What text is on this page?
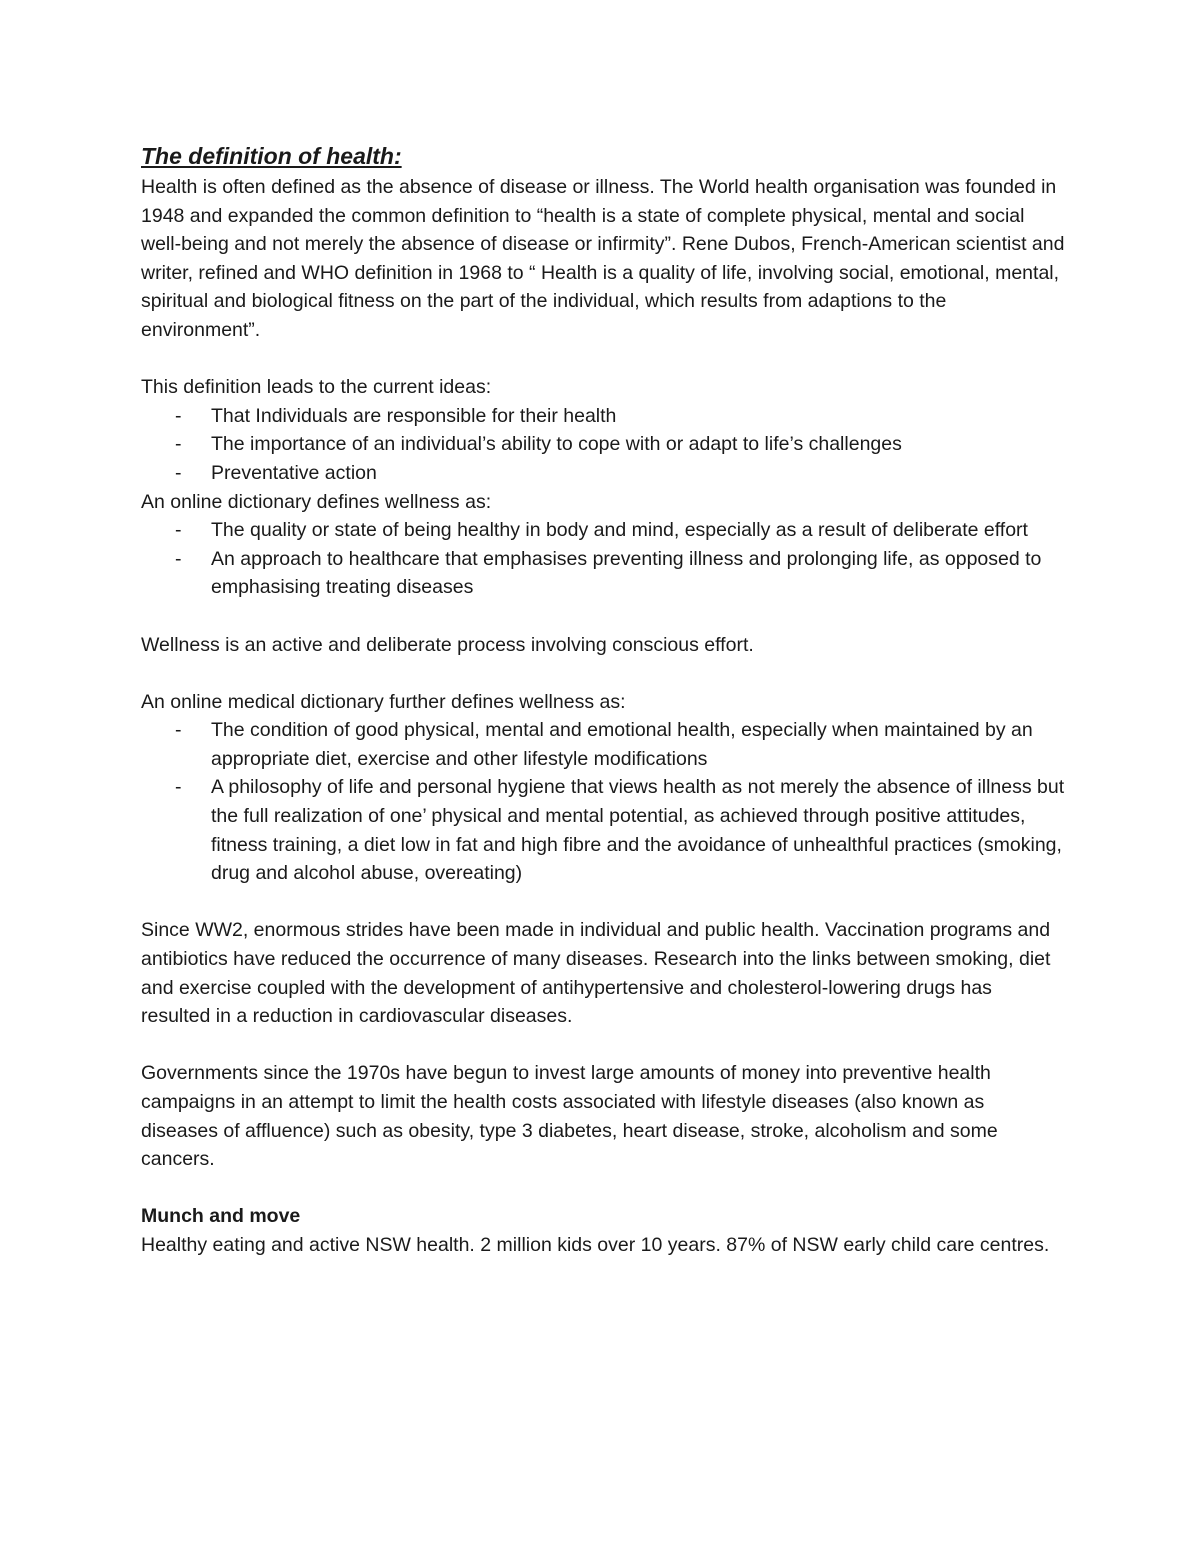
The definition of health:

Health is often defined as the absence of disease or illness. The World health organisation was founded in 1948 and expanded the common definition to “health is a state of complete physical, mental and social well-being and not merely the absence of disease or infirmity”. Rene Dubos, French-American scientist and writer, refined and WHO definition in 1968 to “ Health is a quality of life, involving social, emotional, mental, spiritual and biological fitness on the part of the individual, which results from adaptions to the environment”.

This definition leads to the current ideas:

- That Individuals are responsible for their health
- The importance of an individual’s ability to cope with or adapt to life’s challenges
- Preventative action

An online dictionary defines wellness as:

- The quality or state of being healthy in body and mind, especially as a result of deliberate effort
- An approach to healthcare that emphasises preventing illness and prolonging life, as opposed to emphasising treating diseases

Wellness is an active and deliberate process involving conscious effort.

An online medical dictionary further defines wellness as:

- The condition of good physical, mental and emotional health, especially when maintained by an appropriate diet, exercise and other lifestyle modifications
- A philosophy of life and personal hygiene that views health as not merely the absence of illness but the full realization of one’ physical and mental potential, as achieved through positive attitudes, fitness training, a diet low in fat and high fibre and the avoidance of unhealthful practices (smoking, drug and alcohol abuse, overeating)

Since WW2, enormous strides have been made in individual and public health. Vaccination programs and antibiotics have reduced the occurrence of many diseases. Research into the links between smoking, diet and exercise coupled with the development of antihypertensive and cholesterol-lowering drugs has resulted in a reduction in cardiovascular diseases.

Governments since the 1970s have begun to invest large amounts of money into preventive health campaigns in an attempt to limit the health costs associated with lifestyle diseases (also known as diseases of affluence) such as obesity, type 3 diabetes, heart disease, stroke, alcoholism and some cancers.

Munch and move

Healthy eating and active NSW health. 2 million kids over 10 years. 87% of NSW early child care centres.
